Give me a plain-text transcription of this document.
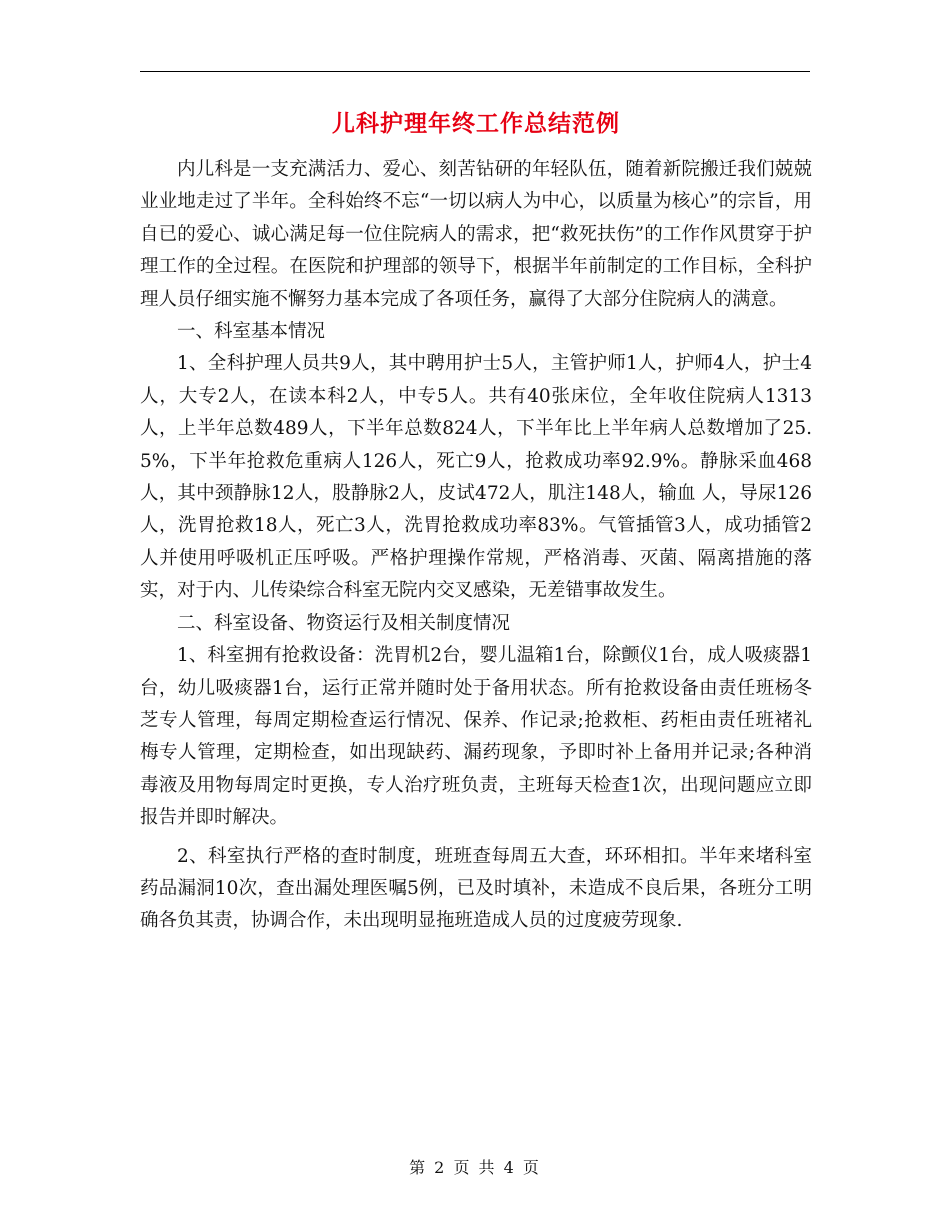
儿科护理年终工作总结范例

内儿科是一支充满活力、爱心、刻苦钻研的年轻队伍，随着新院搬迁我们兢兢业业地走过了半年。全科始终不忘“一切以病人为中心，以质量为核心”的宗旨，用自已的爱心、诚心满足每一位住院病人的需求，把“救死扶伤”的工作作风贯穿于护理工作的全过程。在医院和护理部的领导下，根据半年前制定的工作目标，全科护理人员仔细实施不懈努力基本完成了各项任务，赢得了大部分住院病人的满意。

一、科室基本情况

1、全科护理人员共9人，其中聘用护士5人，主管护师1人，护师4人，护士4人，大专2人，在读本科2人，中专5人。共有40张床位，全年收住院病人1313人，上半年总数489人，下半年总数824人，下半年比上半年病人总数增加了25.5%，下半年抢救危重病人126人，死亡9人，抢救成功率92.9%。静脉采血468人，其中颈静脉12人，股静脉2人，皮试472人，肌注148人，输血 人，导尿126人，洗胃抢救18人，死亡3人，洗胃抢救成功率83%。气管插管3人，成功插管2人并使用呼吸机正压呼吸。严格护理操作常规，严格消毒、灭菌、隔离措施的落实，对于内、儿传染综合科室无院内交叉感染，无差错事故发生。

二、科室设备、物资运行及相关制度情况

1、科室拥有抢救设备：洗胃机2台，婴儿温箱1台，除颤仪1台，成人吸痰器1台，幼儿吸痰器1台，运行正常并随时处于备用状态。所有抢救设备由责任班杨冬芝专人管理，每周定期检查运行情况、保养、作记录;抢救柜、药柜由责任班褚礼梅专人管理，定期检查，如出现缺药、漏药现象，予即时补上备用并记录;各种消毒液及用物每周定时更换，专人治疗班负责，主班每天检查1次，出现问题应立即报告并即时解决。

2、科室执行严格的查时制度，班班查每周五大查，环环相扣。半年来堵科室药品漏洞10次，查出漏处理医嘱5例，已及时填补，未造成不良后果，各班分工明确各负其责，协调合作，未出现明显拖班造成人员的过度疲劳现象.

第 2 页 共 4 页
